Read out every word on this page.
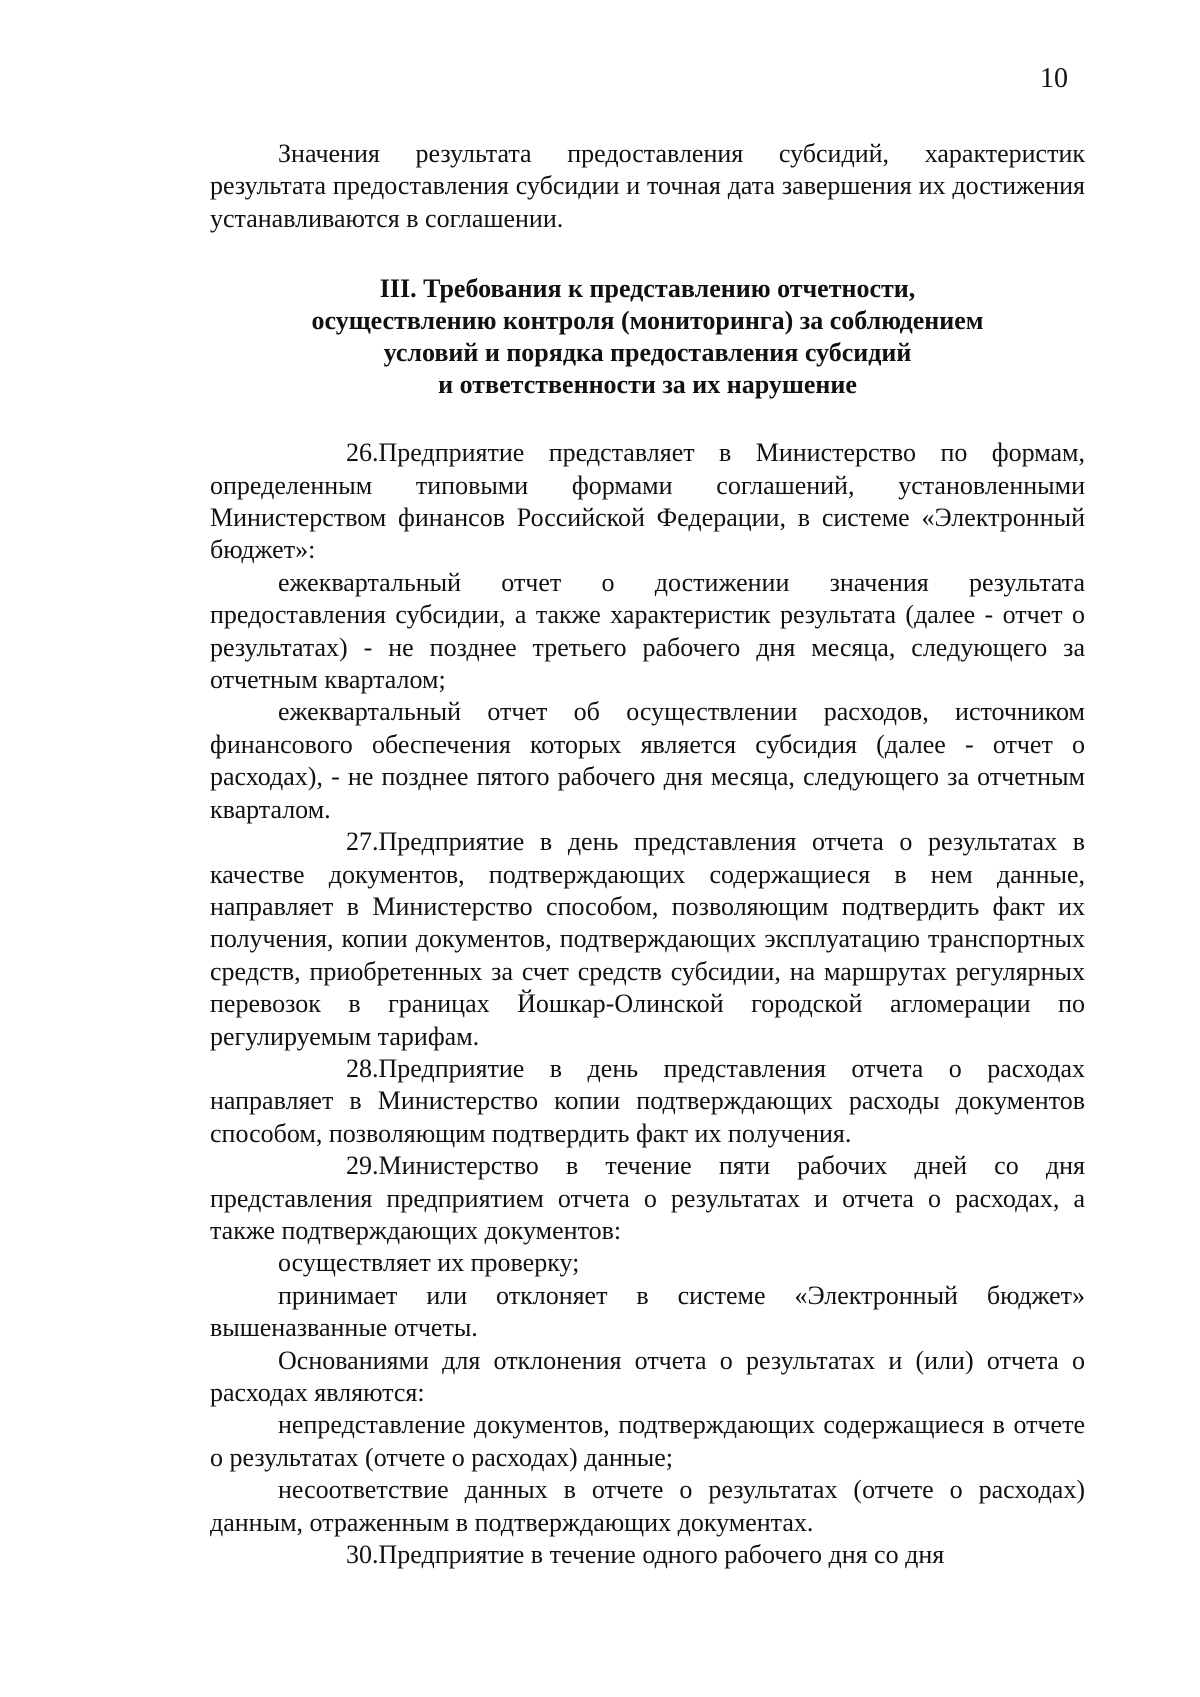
10

Значения результата предоставления субсидий, характеристик результата предоставления субсидии и точная дата завершения их достижения устанавливаются в соглашении.

III. Требования к представлению отчетности,
осуществлению контроля (мониторинга) за соблюдением
условий и порядка предоставления субсидий
и ответственности за их нарушение

26.Предприятие представляет в Министерство по формам, определенным типовыми формами соглашений, установленными Министерством финансов Российской Федерации, в системе «Электронный бюджет»:

ежеквартальный отчет о достижении значения результата предоставления субсидии, а также характеристик результата (далее - отчет о результатах) - не позднее третьего рабочего дня месяца, следующего за отчетным кварталом;

ежеквартальный отчет об осуществлении расходов, источником финансового обеспечения которых является субсидия (далее - отчет о расходах), - не позднее пятого рабочего дня месяца, следующего за отчетным кварталом.

27.Предприятие в день представления отчета о результатах в качестве документов, подтверждающих содержащиеся в нем данные, направляет в Министерство способом, позволяющим подтвердить факт их получения, копии документов, подтверждающих эксплуатацию транспортных средств, приобретенных за счет средств субсидии, на маршрутах регулярных перевозок в границах Йошкар-Олинской городской агломерации по регулируемым тарифам.

28.Предприятие в день представления отчета о расходах направляет в Министерство копии подтверждающих расходы документов способом, позволяющим подтвердить факт их получения.

29.Министерство в течение пяти рабочих дней со дня представления предприятием отчета о результатах и отчета о расходах, а также подтверждающих документов:

осуществляет их проверку;

принимает или отклоняет в системе «Электронный бюджет» вышеназванные отчеты.

Основаниями для отклонения отчета о результатах и (или) отчета о расходах являются:

непредставление документов, подтверждающих содержащиеся в отчете о результатах (отчете о расходах) данные;

несоответствие данных в отчете о результатах (отчете о расходах) данным, отраженным в подтверждающих документах.

30.Предприятие в течение одного рабочего дня со дня
